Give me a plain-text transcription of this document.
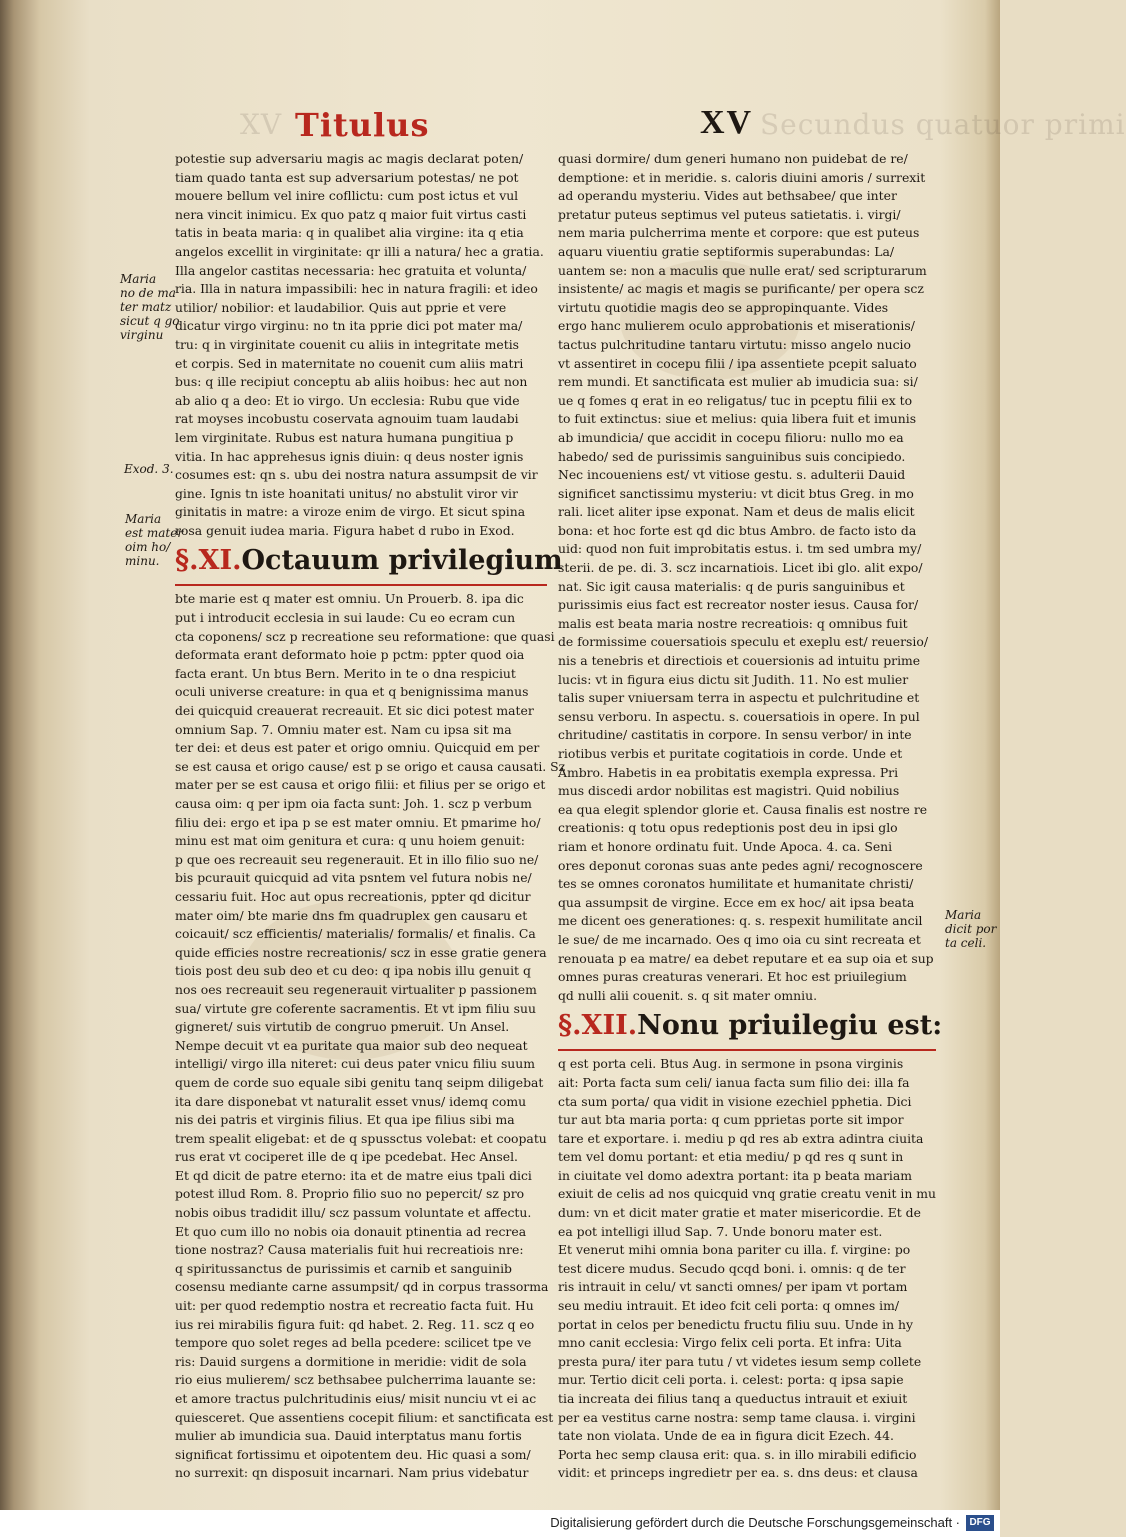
XV	Secundus quatuor primi
Titulus	XV
Maria
no de ma
ter matz
sicut q go
virginu
Exod. 3.
Maria
est mater
oim ho/
minu.
Maria
dicit por
ta celi.
potestie sup adversariu magis ac magis declarat poten/
tiam quado tanta est sup adversarium potestas/ ne pot
mouere bellum vel inire cofllictu: cum post ictus et vul
nera vincit inimicu. Ex quo patz q maior fuit virtus casti
tatis in beata maria: q in qualibet alia virgine: ita q etia
angelos excellit in virginitate: qr illi a natura/ hec a gratia.
Illa angelor castitas necessaria: hec gratuita et volunta/
ria. Illa in natura impassibili: hec in natura fragili: et ideo
utilior/ nobilior: et laudabilior. Quis aut pprie et vere
dicatur virgo virginu: no tn ita pprie dici pot mater ma/
tru: q in virginitate couenit cu aliis in integritate metis
et corpis. Sed in maternitate no couenit cum aliis matri
bus: q ille recipiut conceptu ab aliis hoibus: hec aut non
ab alio q a deo: Et io virgo. Un ecclesia: Rubu que vide
rat moyses incobustu coservata agnouim tuam laudabi
lem virginitate. Rubus est natura humana pungitiua p
vitia. In hac apprehesus ignis diuin: q deus noster ignis
cosumes est: qn s. ubu dei nostra natura assumpsit de vir
gine. Ignis tn iste hoanitati unitus/ no abstulit viror vir
ginitatis in matre: a viroze enim de virgo. Et sicut spina
rosa genuit iudea maria. Figura habet d rubo in Exod.
§.XI.Octauum privilegium
bte marie est q mater est omniu. Un Prouerb. 8. ipa dic
put i introducit ecclesia in sui laude: Cu eo ecram cun
cta coponens/ scz p recreatione seu reformatione: que quasi
deformata erant deformato hoie p pctm: ppter quod oia
facta erant. Un btus Bern. Merito in te o dna respiciut
oculi universe creature: in qua et q benignissima manus
dei quicquid creauerat recreauit. Et sic dici potest mater
omnium Sap. 7. Omniu mater est. Nam cu ipsa sit ma
ter dei: et deus est pater et origo omniu. Quicquid em per
se est causa et origo cause/ est p se origo et causa causati. Sz
mater per se est causa et origo filii: et filius per se origo et
causa oim: q per ipm oia facta sunt: Joh. 1. scz p verbum
filiu dei: ergo et ipa p se est mater omniu. Et pmarime ho/
minu est mat oim genitura et cura: q unu hoiem genuit:
p que oes recreauit seu regenerauit. Et in illo filio suo ne/
bis pcurauit quicquid ad vita psntem vel futura nobis ne/
cessariu fuit. Hoc aut opus recreationis, ppter qd dicitur
mater oim/ bte marie dns fm quadruplex gen causaru et
coicauit/ scz efficientis/ materialis/ formalis/ et finalis. Ca
quide efficies nostre recreationis/ scz in esse gratie genera
tiois post deu sub deo et cu deo: q ipa nobis illu genuit q
nos oes recreauit seu regenerauit virtualiter p passionem
sua/ virtute gre coferente sacramentis. Et vt ipm filiu suu
gigneret/ suis virtutib de congruo pmeruit. Un Ansel.
Nempe decuit vt ea puritate qua maior sub deo nequeat
intelligi/ virgo illa niteret: cui deus pater vnicu filiu suum
quem de corde suo equale sibi genitu tanq seipm diligebat
ita dare disponebat vt naturalit esset vnus/ idemq comu
nis dei patris et virginis filius. Et qua ipe filius sibi ma
trem spealit eligebat: et de q spussctus volebat: et coopatu
rus erat vt cociperet ille de q ipe pcedebat. Hec Ansel.
Et qd dicit de patre eterno: ita et de matre eius tpali dici
potest illud Rom. 8. Proprio filio suo no pepercit/ sz pro
nobis oibus tradidit illu/ scz passum voluntate et affectu.
Et quo cum illo no nobis oia donauit ptinentia ad recrea
tione nostraz? Causa materialis fuit hui recreatiois nre:
q spiritussanctus de purissimis et carnib et sanguinib
cosensu mediante carne assumpsit/ qd in corpus trassorma
uit: per quod redemptio nostra et recreatio facta fuit. Hu
ius rei mirabilis figura fuit: qd habet. 2. Reg. 11. scz q eo
tempore quo solet reges ad bella pcedere: scilicet tpe ve
ris: Dauid surgens a dormitione in meridie: vidit de sola
rio eius mulierem/ scz bethsabee pulcherrima lauante se:
et amore tractus pulchritudinis eius/ misit nunciu vt ei ac
quiesceret. Que assentiens cocepit filium: et sanctificata est
mulier ab imundicia sua. Dauid interptatus manu fortis
significat fortissimu et oipotentem deu. Hic quasi a som/
no surrexit: qn disposuit incarnari. Nam prius videbatur
quasi dormire/ dum generi humano non puidebat de re/
demptione: et in meridie. s. caloris diuini amoris / surrexit
ad operandu mysteriu. Vides aut bethsabee/ que inter
pretatur puteus septimus vel puteus satietatis. i. virgi/
nem maria pulcherrima mente et corpore: que est puteus
aquaru viuentiu gratie septiformis superabundas: La/
uantem se: non a maculis que nulle erat/ sed scripturarum
insistente/ ac magis et magis se purificante/ per opera scz
virtutu quotidie magis deo se appropinquante. Vides
ergo hanc mulierem oculo approbationis et miserationis/
tactus pulchritudine tantaru virtutu: misso angelo nucio
vt assentiret in cocepu filii / ipa assentiete pcepit saluato
rem mundi. Et sanctificata est mulier ab imudicia sua: si/
ue q fomes q erat in eo religatus/ tuc in pceptu filii ex to
to fuit extinctus: siue et melius: quia libera fuit et imunis
ab imundicia/ que accidit in cocepu filioru: nullo mo ea
habedo/ sed de purissimis sanguinibus suis concipiedo.
Nec incoueniens est/ vt vitiose gestu. s. adulterii Dauid
significet sanctissimu mysteriu: vt dicit btus Greg. in mo
rali. licet aliter ipse exponat. Nam et deus de malis elicit
bona: et hoc forte est qd dic btus Ambro. de facto isto da
uid: quod non fuit improbitatis estus. i. tm sed umbra my/
sterii. de pe. di. 3. scz incarnatiois. Licet ibi glo. alit expo/
nat. Sic igit causa materialis: q de puris sanguinibus et
purissimis eius fact est recreator noster iesus. Causa for/
malis est beata maria nostre recreatiois: q omnibus fuit
de formissime couersatiois speculu et exeplu est/ reuersio/
nis a tenebris et directiois et couersionis ad intuitu prime
lucis: vt in figura eius dictu sit Judith. 11. No est mulier
talis super vniuersam terra in aspectu et pulchritudine et
sensu verboru. In aspectu. s. couersatiois in opere. In pul
chritudine/ castitatis in corpore. In sensu verbor/ in inte
riotibus verbis et puritate cogitatiois in corde. Unde et
Ambro. Habetis in ea probitatis exempla expressa. Pri
mus discedi ardor nobilitas est magistri. Quid nobilius
ea qua elegit splendor glorie et. Causa finalis est nostre re
creationis: q totu opus redeptionis post deu in ipsi glo
riam et honore ordinatu fuit. Unde Apoca. 4. ca. Seni
ores deponut coronas suas ante pedes agni/ recognoscere
tes se omnes coronatos humilitate et humanitate christi/
qua assumpsit de virgine. Ecce em ex hoc/ ait ipsa beata
me dicent oes generationes: q. s. respexit humilitate ancil
le sue/ de me incarnado. Oes q imo oia cu sint recreata et
renouata p ea matre/ ea debet reputare et ea sup oia et sup
omnes puras creaturas venerari. Et hoc est priuilegium
qd nulli alii couenit. s. q sit mater omniu.
§.XII.Nonu priuilegiu est:
q est porta celi. Btus Aug. in sermone in psona virginis
ait: Porta facta sum celi/ ianua facta sum filio dei: illa fa
cta sum porta/ qua vidit in visione ezechiel pphetia. Dici
tur aut bta maria porta: q cum pprietas porte sit impor
tare et exportare. i. mediu p qd res ab extra adintra ciuita
tem vel domu portant: et etia mediu/ p qd res q sunt in
in ciuitate vel domo adextra portant: ita p beata mariam
exiuit de celis ad nos quicquid vnq gratie creatu venit in mu
dum: vn et dicit mater gratie et mater misericordie. Et de
ea pot intelligi illud Sap. 7. Unde bonoru mater est.
Et venerut mihi omnia bona pariter cu illa. f. virgine: po
test dicere mudus. Secudo qcqd boni. i. omnis: q de ter
ris intrauit in celu/ vt sancti omnes/ per ipam vt portam
seu mediu intrauit. Et ideo fcit celi porta: q omnes im/
portat in celos per benedictu fructu filiu suu. Unde in hy
mno canit ecclesia: Virgo felix celi porta. Et infra: Uita
presta pura/ iter para tutu / vt videtes iesum semp collete
mur. Tertio dicit celi porta. i. celest: porta: q ipsa sapie
tia increata dei filius tanq a queductus intrauit et exiuit
per ea vestitus carne nostra: semp tame clausa. i. virgini
tate non violata. Unde de ea in figura dicit Ezech. 44.
Porta hec semp clausa erit: qua. s. in illo mirabili edificio
vidit: et princeps ingredietr per ea. s. dns deus: et clausa
Digitalisierung gefördert durch die Deutsche Forschungsgemeinschaft · DFG
